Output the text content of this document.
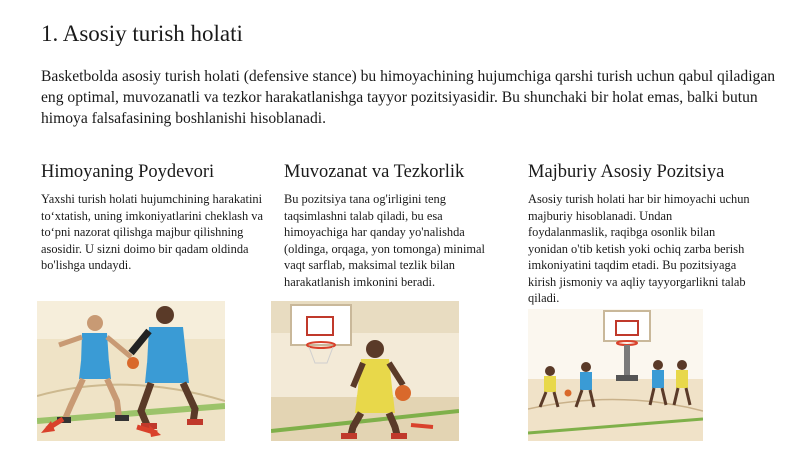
1. Asosiy turish holati

Basketbolda asosiy turish holati (defensive stance) bu himoyachining hujumchiga qarshi turish uchun qabul qiladigan eng optimal, muvozanatli va tezkor harakatlanishga tayyor pozitsiyasidir. Bu shunchaki bir holat emas, balki butun himoya falsafasining boshlanishi hisoblanadi.

Himoyaning Poydevori

Yaxshi turish holati hujumchining harakatini to‘xtatish, uning imkoniyatlarini cheklash va to‘pni nazorat qilishga majbur qilishning asosidir. U sizni doimo bir qadam oldinda bo'lishga undaydi.

Muvozanat va Tezkorlik

Bu pozitsiya tana og'irligini teng taqsimlashni talab qiladi, bu esa himoyachiga har qanday yo'nalishda (oldinga, orqaga, yon tomonga) minimal vaqt sarflab, maksimal tezlik bilan harakatlanish imkonini beradi.

Majburiy Asosiy Pozitsiya

Asosiy turish holati har bir himoyachi uchun majburiy hisoblanadi. Undan foydalanmaslik, raqibga osonlik bilan yonidan o'tib ketish yoki ochiq zarba berish imkoniyatini taqdim etadi. Bu pozitsiyaga kirish jismoniy va aqliy tayyorgarlikni talab qiladi.
